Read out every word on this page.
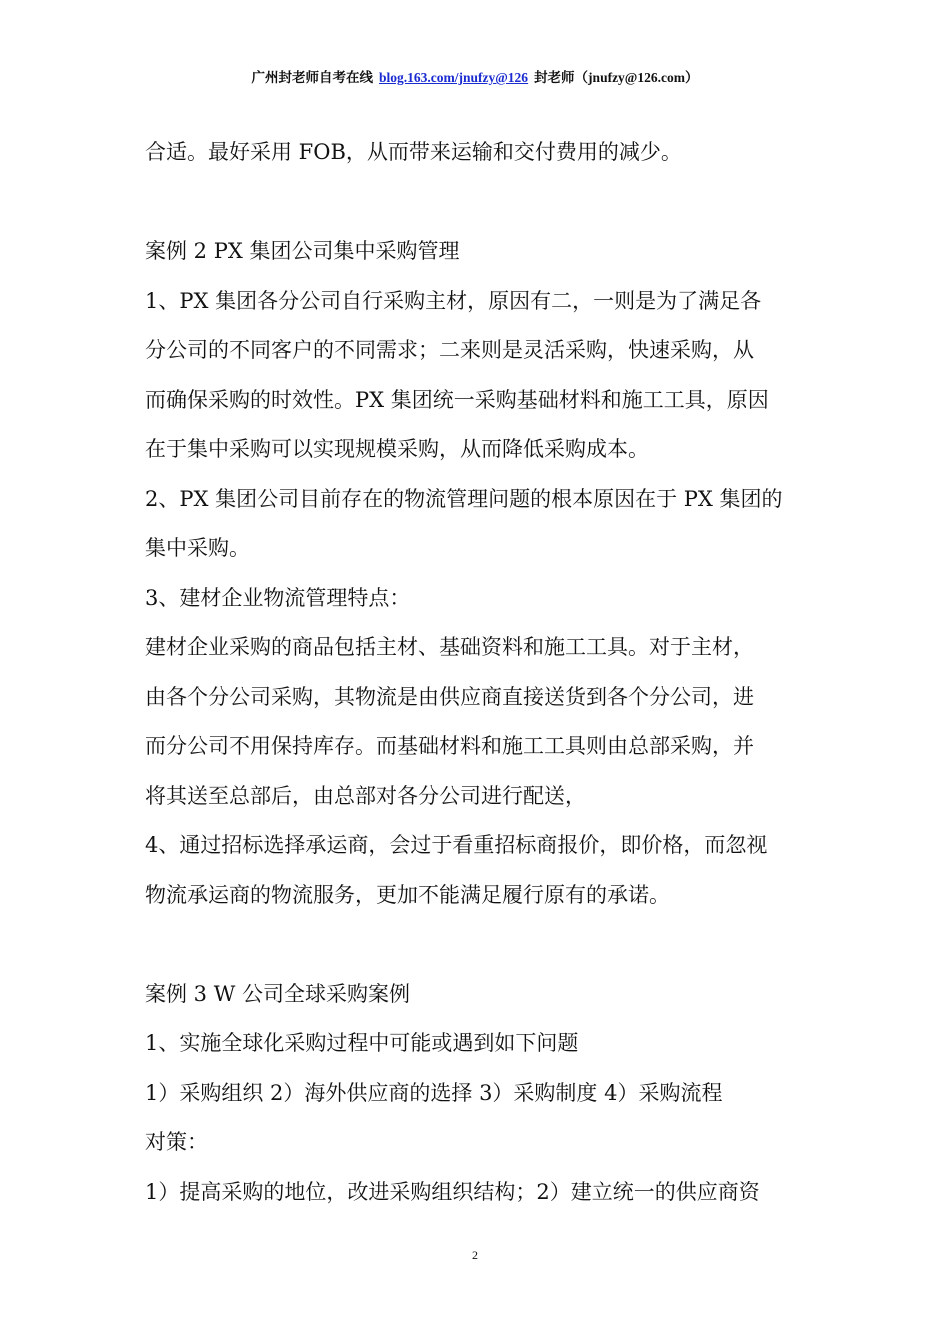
广州封老师自考在线 blog.163.com/jnufzy@126 封老师（jnufzy@126.com）

合适。最好采用 FOB，从而带来运输和交付费用的减少。

案例 2 PX 集团公司集中采购管理

1、PX 集团各分公司自行采购主材，原因有二，一则是为了满足各

分公司的不同客户的不同需求；二来则是灵活采购，快速采购，从

而确保采购的时效性。PX 集团统一采购基础材料和施工工具，原因

在于集中采购可以实现规模采购，从而降低采购成本。

2、PX 集团公司目前存在的物流管理问题的根本原因在于 PX 集团的

集中采购。

3、建材企业物流管理特点：

建材企业采购的商品包括主材、基础资料和施工工具。对于主材，

由各个分公司采购，其物流是由供应商直接送货到各个分公司，进

而分公司不用保持库存。而基础材料和施工工具则由总部采购，并

将其送至总部后，由总部对各分公司进行配送，

4、通过招标选择承运商，会过于看重招标商报价，即价格，而忽视

物流承运商的物流服务，更加不能满足履行原有的承诺。

案例 3 W 公司全球采购案例

1、实施全球化采购过程中可能或遇到如下问题

1）采购组织 2）海外供应商的选择 3）采购制度 4）采购流程

对策：

1）提高采购的地位，改进采购组织结构；2）建立统一的供应商资

2
